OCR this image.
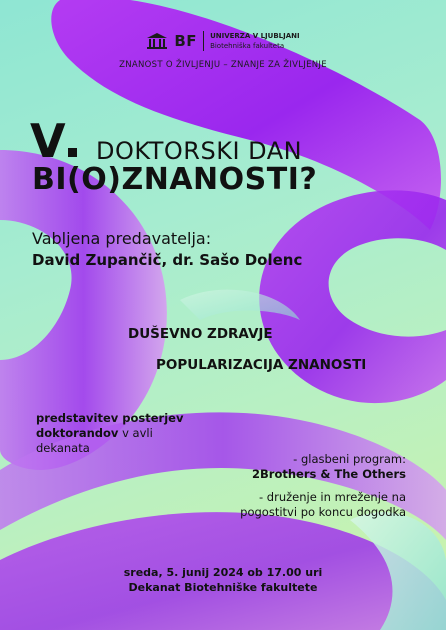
BF UNIVERZA V LJUBLJANI
Biotehniška fakulteta
ZNANOST O ŽIVLJENJU – ZNANJE ZA ŽIVLJENJE
V	DOKTORSKI DAN
BI(O)ZNANOSTI?
Vabljena predavatelja:
David Zupančič, dr. Sašo Dolenc
DUŠEVNO ZDRAVJE
POPULARIZACIJA ZNANOSTI
predstavitev posterjev
doktorandov v avli
dekanata
- glasbeni program:
2Brothers & The Others
- druženje in mreženje na
pogostitvi po koncu dogodka
sreda, 5. junij 2024 ob 17.00 uri
Dekanat Biotehniške fakultete
